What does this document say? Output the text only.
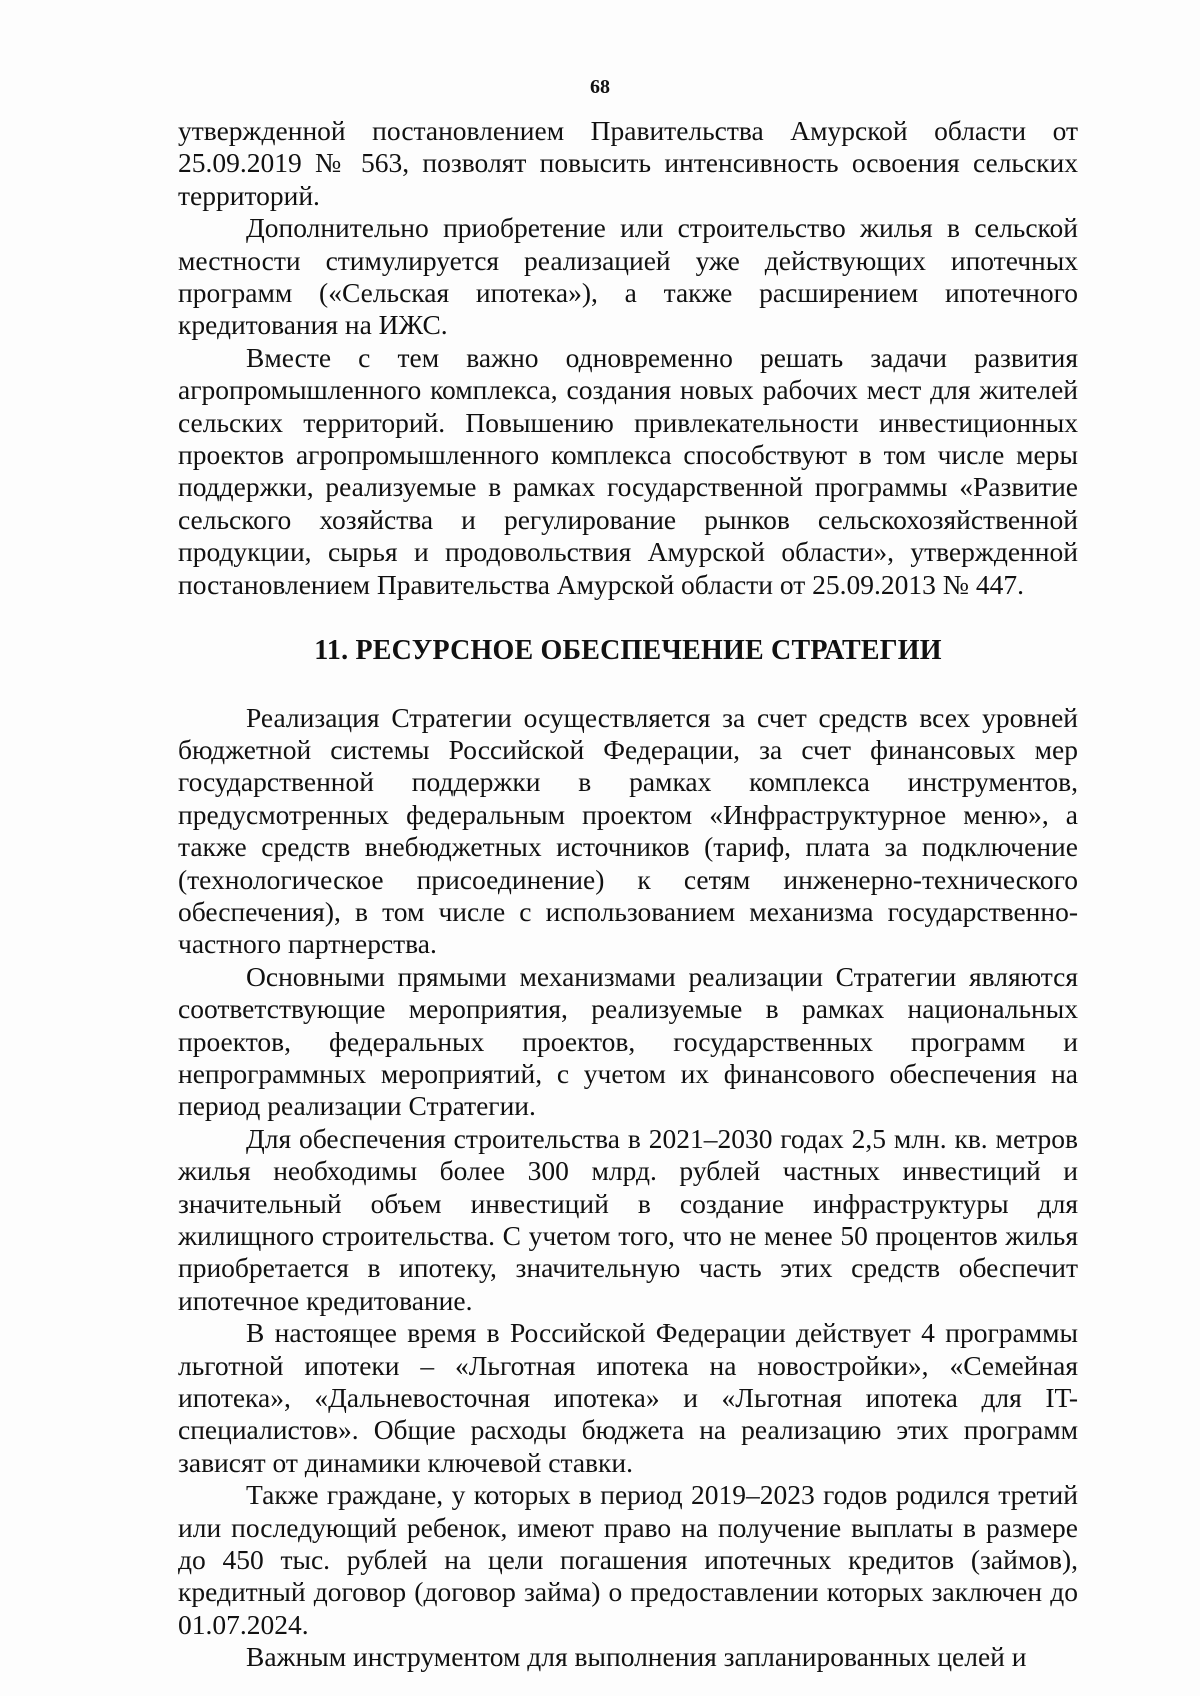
68

утвержденной постановлением Правительства Амурской области от 25.09.2019 № 563, позволят повысить интенсивность освоения сельских территорий.

Дополнительно приобретение или строительство жилья в сельской местности стимулируется реализацией уже действующих ипотечных программ («Сельская ипотека»), а также расширением ипотечного кредитования на ИЖС.

Вместе с тем важно одновременно решать задачи развития агропромышленного комплекса, создания новых рабочих мест для жителей сельских территорий. Повышению привлекательности инвестиционных проектов агропромышленного комплекса способствуют в том числе меры поддержки, реализуемые в рамках государственной программы «Развитие сельского хозяйства и регулирование рынков сельскохозяйственной продукции, сырья и продовольствия Амурской области», утвержденной постановлением Правительства Амурской области от 25.09.2013 № 447.

11. РЕСУРСНОЕ ОБЕСПЕЧЕНИЕ СТРАТЕГИИ

Реализация Стратегии осуществляется за счет средств всех уровней бюджетной системы Российской Федерации, за счет финансовых мер государственной поддержки в рамках комплекса инструментов, предусмотренных федеральным проектом «Инфраструктурное меню», а также средств внебюджетных источников (тариф, плата за подключение (технологическое присоединение) к сетям инженерно-технического обеспечения), в том числе с использованием механизма государственно-частного партнерства.

Основными прямыми механизмами реализации Стратегии являются соответствующие мероприятия, реализуемые в рамках национальных проектов, федеральных проектов, государственных программ и непрограммных мероприятий, с учетом их финансового обеспечения на период реализации Стратегии.

Для обеспечения строительства в 2021–2030 годах 2,5 млн. кв. метров жилья необходимы более 300 млрд. рублей частных инвестиций и значительный объем инвестиций в создание инфраструктуры для жилищного строительства. С учетом того, что не менее 50 процентов жилья приобретается в ипотеку, значительную часть этих средств обеспечит ипотечное кредитование.

В настоящее время в Российской Федерации действует 4 программы льготной ипотеки – «Льготная ипотека на новостройки», «Семейная ипотека», «Дальневосточная ипотека» и «Льготная ипотека для IT-специалистов». Общие расходы бюджета на реализацию этих программ зависят от динамики ключевой ставки.

Также граждане, у которых в период 2019–2023 годов родился третий или последующий ребенок, имеют право на получение выплаты в размере до 450 тыс. рублей на цели погашения ипотечных кредитов (займов), кредитный договор (договор займа) о предоставлении которых заключен до 01.07.2024.

Важным инструментом для выполнения запланированных целей и
